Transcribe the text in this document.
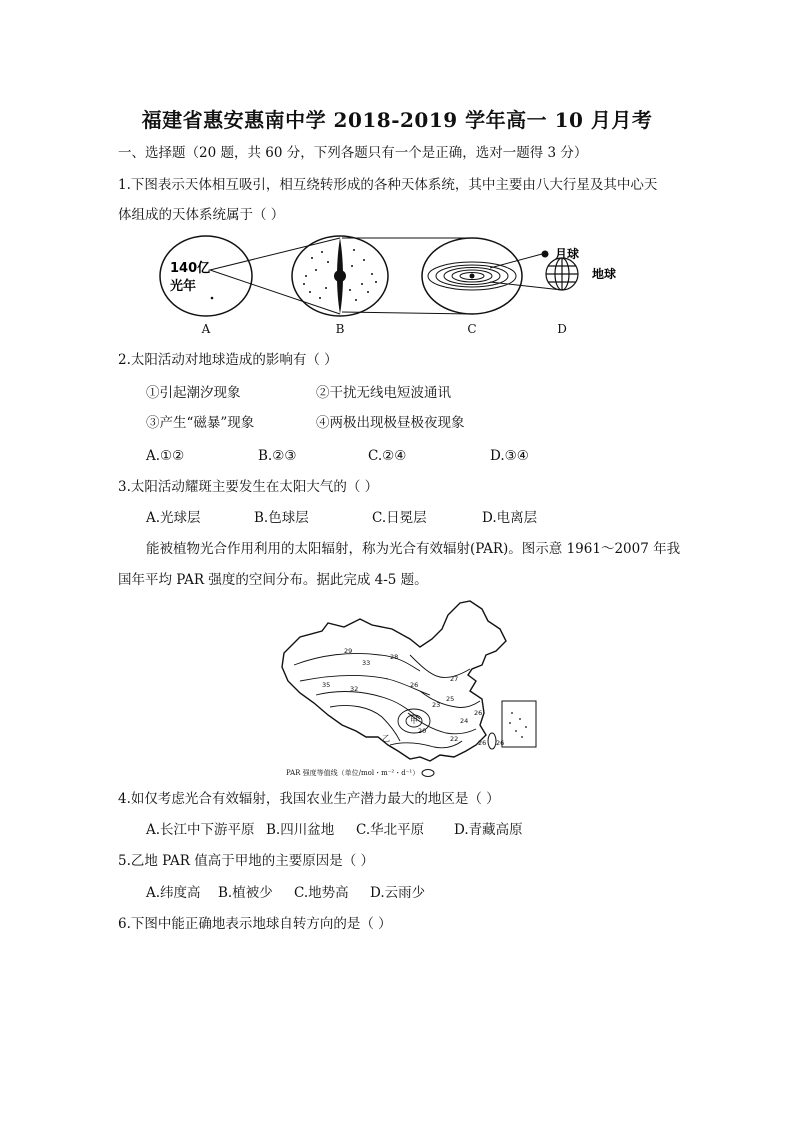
福建省惠安惠南中学 2018-2019 学年高一 10 月月考
一、选择题（20 题，共 60 分，下列各题只有一个是正确，选对一题得 3 分）
1.下图表示天体相互吸引，相互绕转形成的各种天体系统，其中主要由八大行星及其中心天
体组成的天体系统属于（ ）
140亿
光年
月球
地球
A	B	C	D
2.太阳活动对地球造成的影响有（ ）
①引起潮汐现象	②干扰无线电短波通讯
③产生“磁暴”现象	④两极出现极昼极夜现象
A.①②	B.②③	C.②④	D.③④
3.太阳活动耀斑主要发生在太阳大气的（ ）
A.光球层	B.色球层	C.日冕层	D.电离层
能被植物光合作用利用的太阳辐射，称为光合有效辐射(PAR)。图示意 1961～2007 年我
国年平均 PAR 强度的空间分布。据此完成 4-5 题。
29
33
35	32	26
28
27
25
23
24
22
26
26
20
26
甲
乙
PAR 强度等值线（单位/mol・m⁻²・d⁻¹）
4.如仅考虑光合有效辐射，我国农业生产潜力最大的地区是（ ）
A.长江中下游平原 B.四川盆地 C.华北平原 D.青藏高原
5.乙地 PAR 值高于甲地的主要原因是（ ）
A.纬度高 B.植被少 C.地势高 D.云雨少
6.下图中能正确地表示地球自转方向的是（ ）
